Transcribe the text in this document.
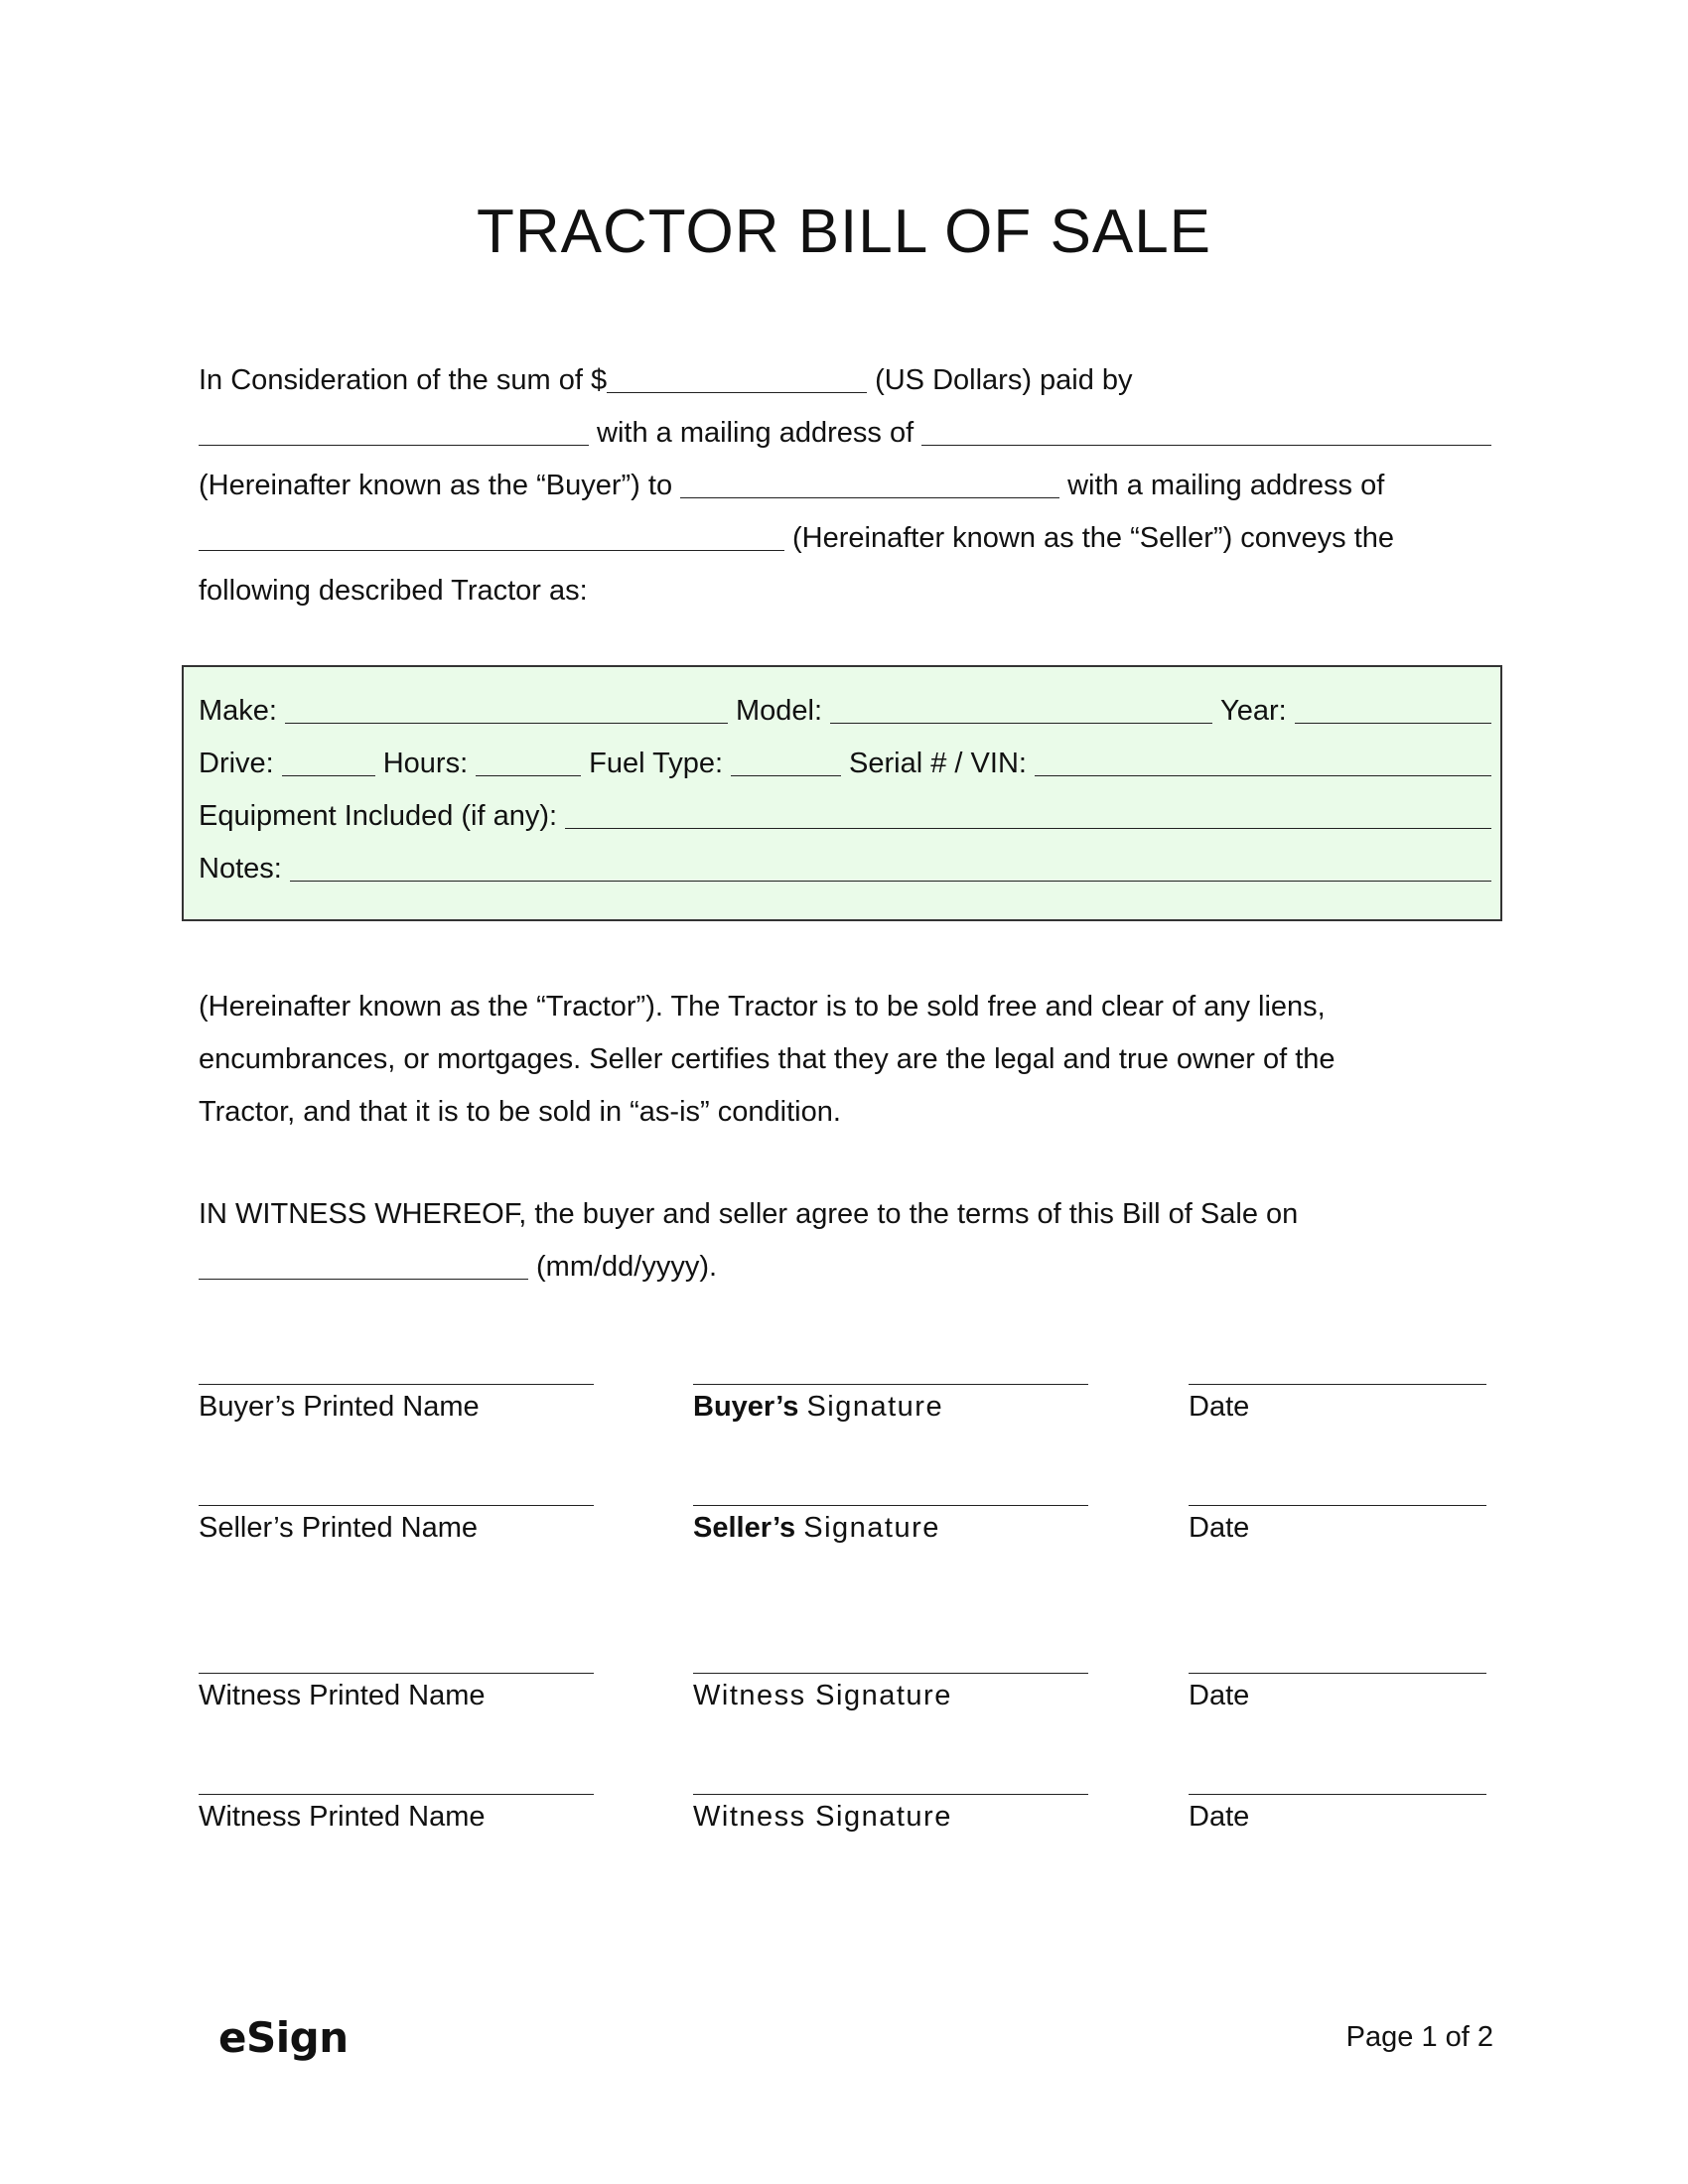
TRACTOR BILL OF SALE
In Consideration of the sum of $	(US Dollars) paid by
with a mailing address of
(Hereinafter known as the “Buyer”) to	with a mailing address of
(Hereinafter known as the “Seller”) conveys the
following described Tractor as:
Make:	Model:	Year:
Drive:	Hours:	Fuel Type:	Serial # / VIN:
Equipment Included (if any):
Notes:
(Hereinafter known as the “Tractor”). The Tractor is to be sold free and clear of any liens,
encumbrances, or mortgages. Seller certifies that they are the legal and true owner of the
Tractor, and that it is to be sold in “as-is” condition.
IN WITNESS WHEREOF, the buyer and seller agree to the terms of this Bill of Sale on
(mm/dd/yyyy).
Buyer’s Printed Name	Buyer’s Signature	Date
Seller’s Printed Name	Seller’s Signature	Date
Witness Printed Name	Witness Signature	Date
Witness Printed Name	Witness Signature	Date
eSign	Page 1 of 2
